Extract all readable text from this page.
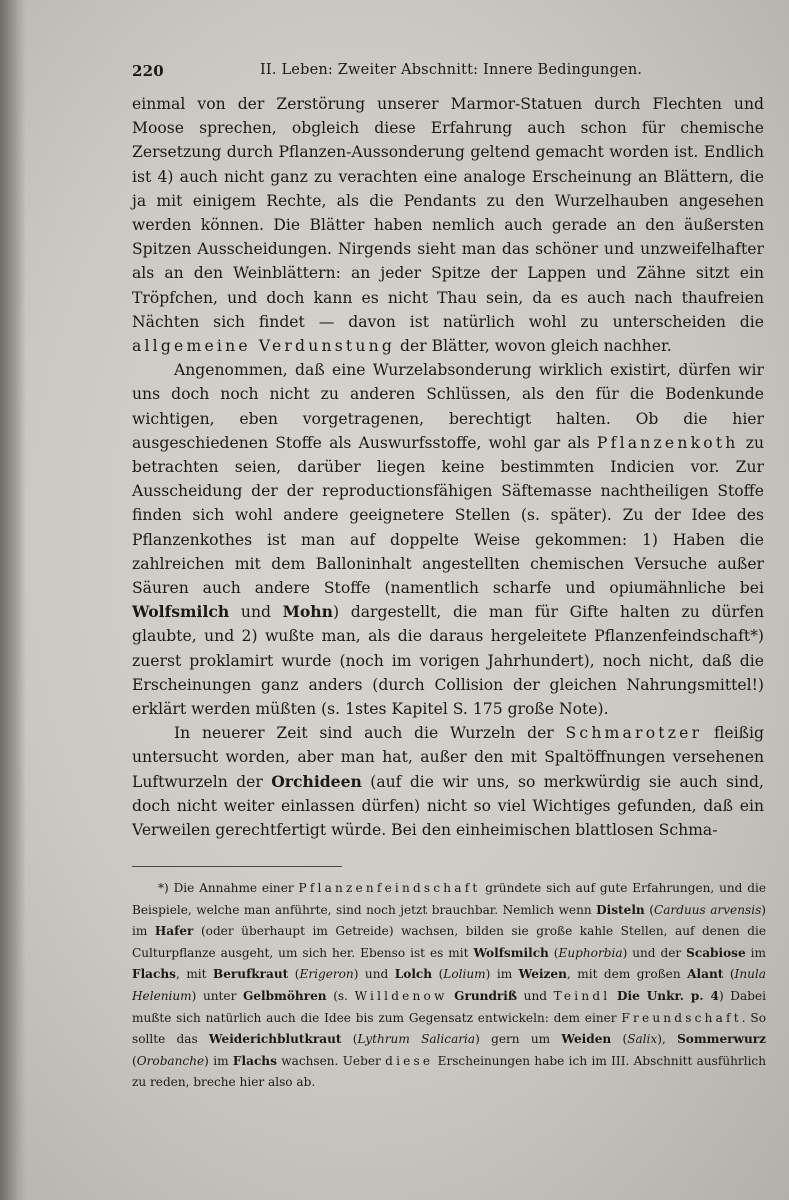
220	II. Leben: Zweiter Abschnitt: Innere Bedingungen.

einmal von der Zerstörung unserer Marmor-Statuen durch Flechten und Moose sprechen, obgleich diese Erfahrung auch schon für chemische Zersetzung durch Pflanzen-Aussonderung geltend gemacht worden ist. Endlich ist 4) auch nicht ganz zu verachten eine analoge Erscheinung an Blättern, die ja mit einigem Rechte, als die Pendants zu den Wurzelhauben angesehen werden können. Die Blätter haben nemlich auch gerade an den äußersten Spitzen Ausscheidungen. Nirgends sieht man das schöner und unzweifelhafter als an den Weinblättern: an jeder Spitze der Lappen und Zähne sitzt ein Tröpfchen, und doch kann es nicht Thau sein, da es auch nach thaufreien Nächten sich findet — davon ist natürlich wohl zu unterscheiden die allgemeine Verdunstung der Blätter, wovon gleich nachher.

Angenommen, daß eine Wurzelabsonderung wirklich existirt, dürfen wir uns doch noch nicht zu anderen Schlüssen, als den für die Bodenkunde wichtigen, eben vorgetragenen, berechtigt halten. Ob die hier ausgeschiedenen Stoffe als Auswurfsstoffe, wohl gar als Pflanzenkoth zu betrachten seien, darüber liegen keine bestimmten Indicien vor. Zur Ausscheidung der der reproductionsfähigen Säftemasse nachtheiligen Stoffe finden sich wohl andere geeignetere Stellen (s. später). Zu der Idee des Pflanzenkothes ist man auf doppelte Weise gekommen: 1) Haben die zahlreichen mit dem Balloninhalt angestellten chemischen Versuche außer Säuren auch andere Stoffe (namentlich scharfe und opiumähnliche bei Wolfsmilch und Mohn) dargestellt, die man für Gifte halten zu dürfen glaubte, und 2) wußte man, als die daraus hergeleitete Pflanzenfeindschaft*) zuerst proklamirt wurde (noch im vorigen Jahrhundert), noch nicht, daß die Erscheinungen ganz anders (durch Collision der gleichen Nahrungsmittel!) erklärt werden müßten (s. 1stes Kapitel S. 175 große Note).

In neuerer Zeit sind auch die Wurzeln der Schmarotzer fleißig untersucht worden, aber man hat, außer den mit Spaltöffnungen versehenen Luftwurzeln der Orchideen (auf die wir uns, so merkwürdig sie auch sind, doch nicht weiter einlassen dürfen) nicht so viel Wichtiges gefunden, daß ein Verweilen gerechtfertigt würde. Bei den einheimischen blattlosen Schma-

*) Die Annahme einer Pflanzenfeindschaft gründete sich auf gute Erfahrungen, und die Beispiele, welche man anführte, sind noch jetzt brauchbar. Nemlich wenn Disteln (Carduus arvensis) im Hafer (oder überhaupt im Getreide) wachsen, bilden sie große kahle Stellen, auf denen die Culturpflanze ausgeht, um sich her. Ebenso ist es mit Wolfsmilch (Euphorbia) und der Scabiose im Flachs, mit Berufkraut (Erigeron) und Lolch (Lolium) im Weizen, mit dem großen Alant (Inula Helenium) unter Gelbmöhren (s. Willdenow Grundriß und Teindl Die Unkr. p. 4) Dabei mußte sich natürlich auch die Idee bis zum Gegensatz entwickeln: dem einer Freundschaft. So sollte das Weiderichblutkraut (Lythrum Salicaria) gern um Weiden (Salix), Sommerwurz (Orobanche) im Flachs wachsen. Ueber diese Erscheinungen habe ich im III. Abschnitt ausführlich zu reden, breche hier also ab.
